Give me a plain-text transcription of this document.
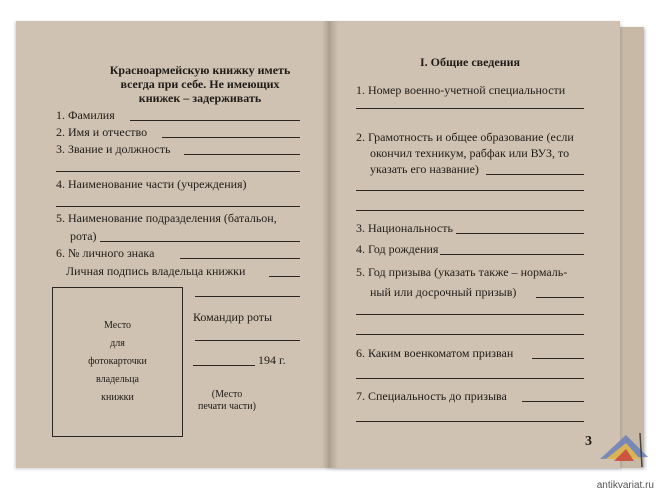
Красноармейскую книжку иметь
всегда при себе. Не имеющих
книжек – задерживать
1. Фамилия
2. Имя и отчество
3. Звание и должность
4. Наименование части (учреждения)
5. Наименование подразделения (батальон,
рота)
6. № личного знака
Личная подпись владельца книжки
Место
для
фотокарточки
владельца
книжки
Командир роты
194 г.
(Место
печати части)
I. Общие сведения
1. Номер военно-учетной специальности
2. Грамотность и общее образование (если
окончил техникум, рабфак или ВУЗ, то
указать его название)
3. Национальность
4. Год рождения
5. Год призыва (указать также – нормаль-
ный или досрочный призыв)
6. Каким военкоматом призван
7. Специальность до призыва
3
antikvariat.ru
